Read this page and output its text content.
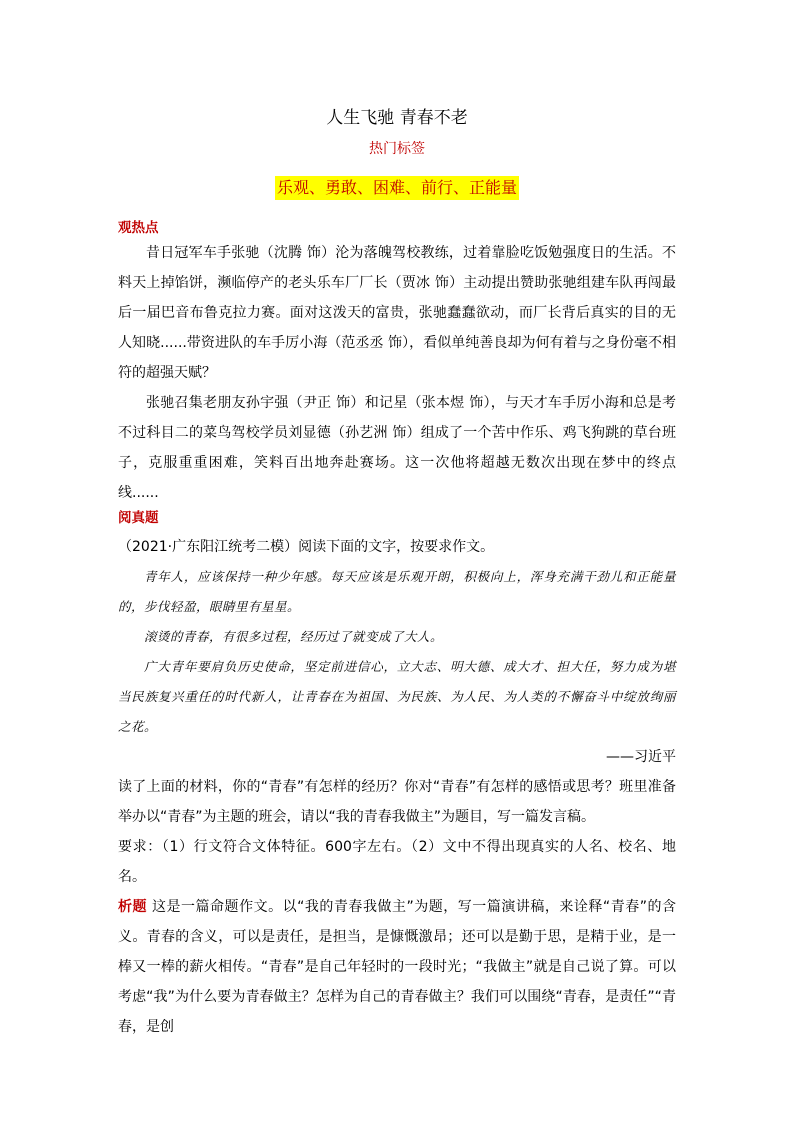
人生飞驰 青春不老
热门标签
乐观、勇敢、困难、前行、正能量
观热点

昔日冠军车手张驰（沈腾 饰）沦为落魄驾校教练，过着靠脸吃饭勉强度日的生活。不料天上掉馅饼，濒临停产的老头乐车厂厂长（贾冰 饰）主动提出赞助张驰组建车队再闯最后一届巴音布鲁克拉力赛。面对这泼天的富贵，张驰蠢蠢欲动，而厂长背后真实的目的无人知晓......带资进队的车手厉小海（范丞丞 饰），看似单纯善良却为何有着与之身份毫不相符的超强天赋？

张驰召集老朋友孙宇强（尹正 饰）和记星（张本煜 饰），与天才车手厉小海和总是考不过科目二的菜鸟驾校学员刘显德（孙艺洲 饰）组成了一个苦中作乐、鸡飞狗跳的草台班子，克服重重困难，笑料百出地奔赴赛场。这一次他将超越无数次出现在梦中的终点线......

阅真题

（2021·广东阳江统考二模）阅读下面的文字，按要求作文。

青年人，应该保持一种少年感。每天应该是乐观开朗，积极向上，浑身充满干劲儿和正能量的，步伐轻盈，眼睛里有星星。

滚烫的青春，有很多过程，经历过了就变成了大人。

广大青年要肩负历史使命，坚定前进信心，立大志、明大德、成大才、担大任，努力成为堪当民族复兴重任的时代新人，让青春在为祖国、为民族、为人民、为人类的不懈奋斗中绽放绚丽之花。

——习近平

读了上面的材料，你的“青春”有怎样的经历？你对“青春”有怎样的感悟或思考？班里准备举办以“青春”为主题的班会，请以“我的青春我做主”为题目，写一篇发言稿。

要求：（1）行文符合文体特征。600字左右。（2）文中不得出现真实的人名、校名、地名。

析题 这是一篇命题作文。以“我的青春我做主”为题，写一篇演讲稿，来诠释“青春”的含义。青春的含义，可以是责任，是担当，是慷慨激昂；还可以是勤于思，是精于业，是一棒又一棒的薪火相传。“青春”是自己年轻时的一段时光；“我做主”就是自己说了算。可以考虑“我”为什么要为青春做主？怎样为自己的青春做主？我们可以围绕“青春，是责任”“青春，是创
